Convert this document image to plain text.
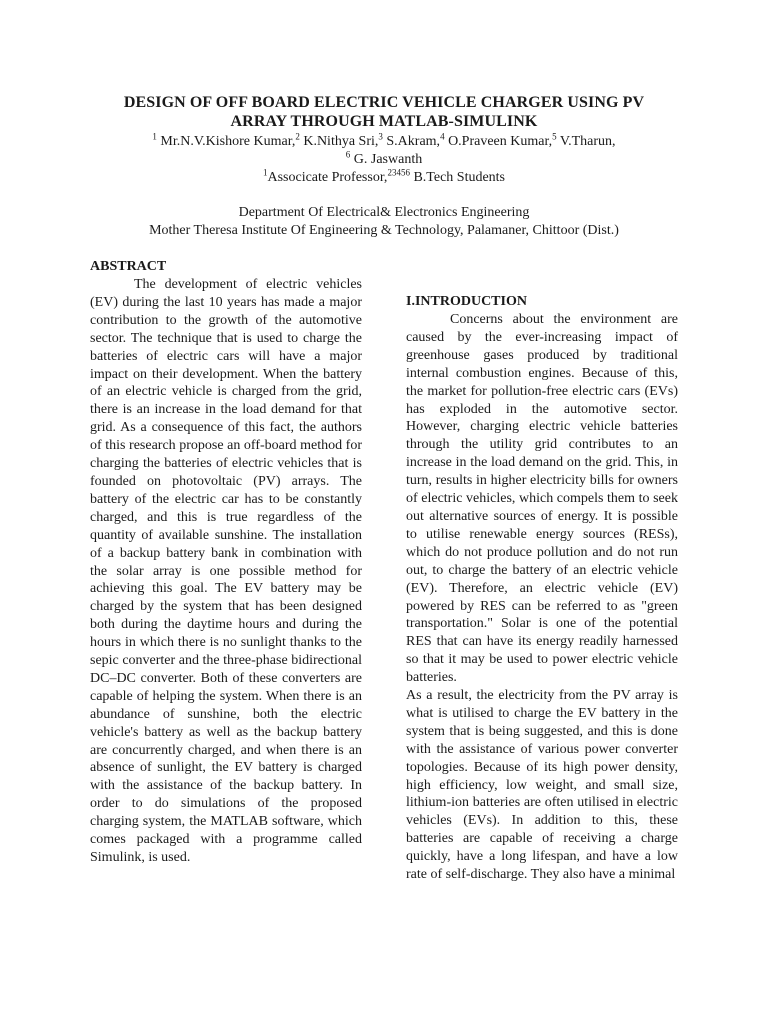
DESIGN OF OFF BOARD ELECTRIC VEHICLE CHARGER USING PV
ARRAY THROUGH MATLAB-SIMULINK
$^1$ Mr.N.V.Kishore Kumar,$^2$ K.Nithya Sri,$^3$ S.Akram,$^4$ O.Praveen Kumar,$^5$ V.Tharun,
$^6$ G. Jaswanth
$^1$Associcate Professor,$^{23456}$ B.Tech Students
Department Of Electrical& Electronics Engineering
Mother Theresa Institute Of Engineering & Technology, Palamaner, Chittoor (Dist.)
ABSTRACT

The development of electric vehicles (EV) during the last 10 years has made a major contribution to the growth of the automotive sector. The technique that is used to charge the batteries of electric cars will have a major impact on their development. When the battery of an electric vehicle is charged from the grid, there is an increase in the load demand for that grid. As a consequence of this fact, the authors of this research propose an off-board method for charging the batteries of electric vehicles that is founded on photovoltaic (PV) arrays. The battery of the electric car has to be constantly charged, and this is true regardless of the quantity of available sunshine. The installation of a backup battery bank in combination with the solar array is one possible method for achieving this goal. The EV battery may be charged by the system that has been designed both during the daytime hours and during the hours in which there is no sunlight thanks to the sepic converter and the three-phase bidirectional DC–DC converter. Both of these converters are capable of helping the system. When there is an abundance of sunshine, both the electric vehicle's battery as well as the backup battery are concurrently charged, and when there is an absence of sunlight, the EV battery is charged with the assistance of the backup battery. In order to do simulations of the proposed charging system, the MATLAB software, which comes packaged with a programme called Simulink, is used.

I.INTRODUCTION

Concerns about the environment are caused by the ever-increasing impact of greenhouse gases produced by traditional internal combustion engines. Because of this, the market for pollution-free electric cars (EVs) has exploded in the automotive sector. However, charging electric vehicle batteries through the utility grid contributes to an increase in the load demand on the grid. This, in turn, results in higher electricity bills for owners of electric vehicles, which compels them to seek out alternative sources of energy. It is possible to utilise renewable energy sources (RESs), which do not produce pollution and do not run out, to charge the battery of an electric vehicle (EV). Therefore, an electric vehicle (EV) powered by RES can be referred to as "green transportation." Solar is one of the potential RES that can have its energy readily harnessed so that it may be used to power electric vehicle batteries.

As a result, the electricity from the PV array is what is utilised to charge the EV battery in the system that is being suggested, and this is done with the assistance of various power converter topologies. Because of its high power density, high efficiency, low weight, and small size, lithium-ion batteries are often utilised in electric vehicles (EVs). In addition to this, these batteries are capable of receiving a charge quickly, have a long lifespan, and have a low rate of self-discharge. They also have a minimal
